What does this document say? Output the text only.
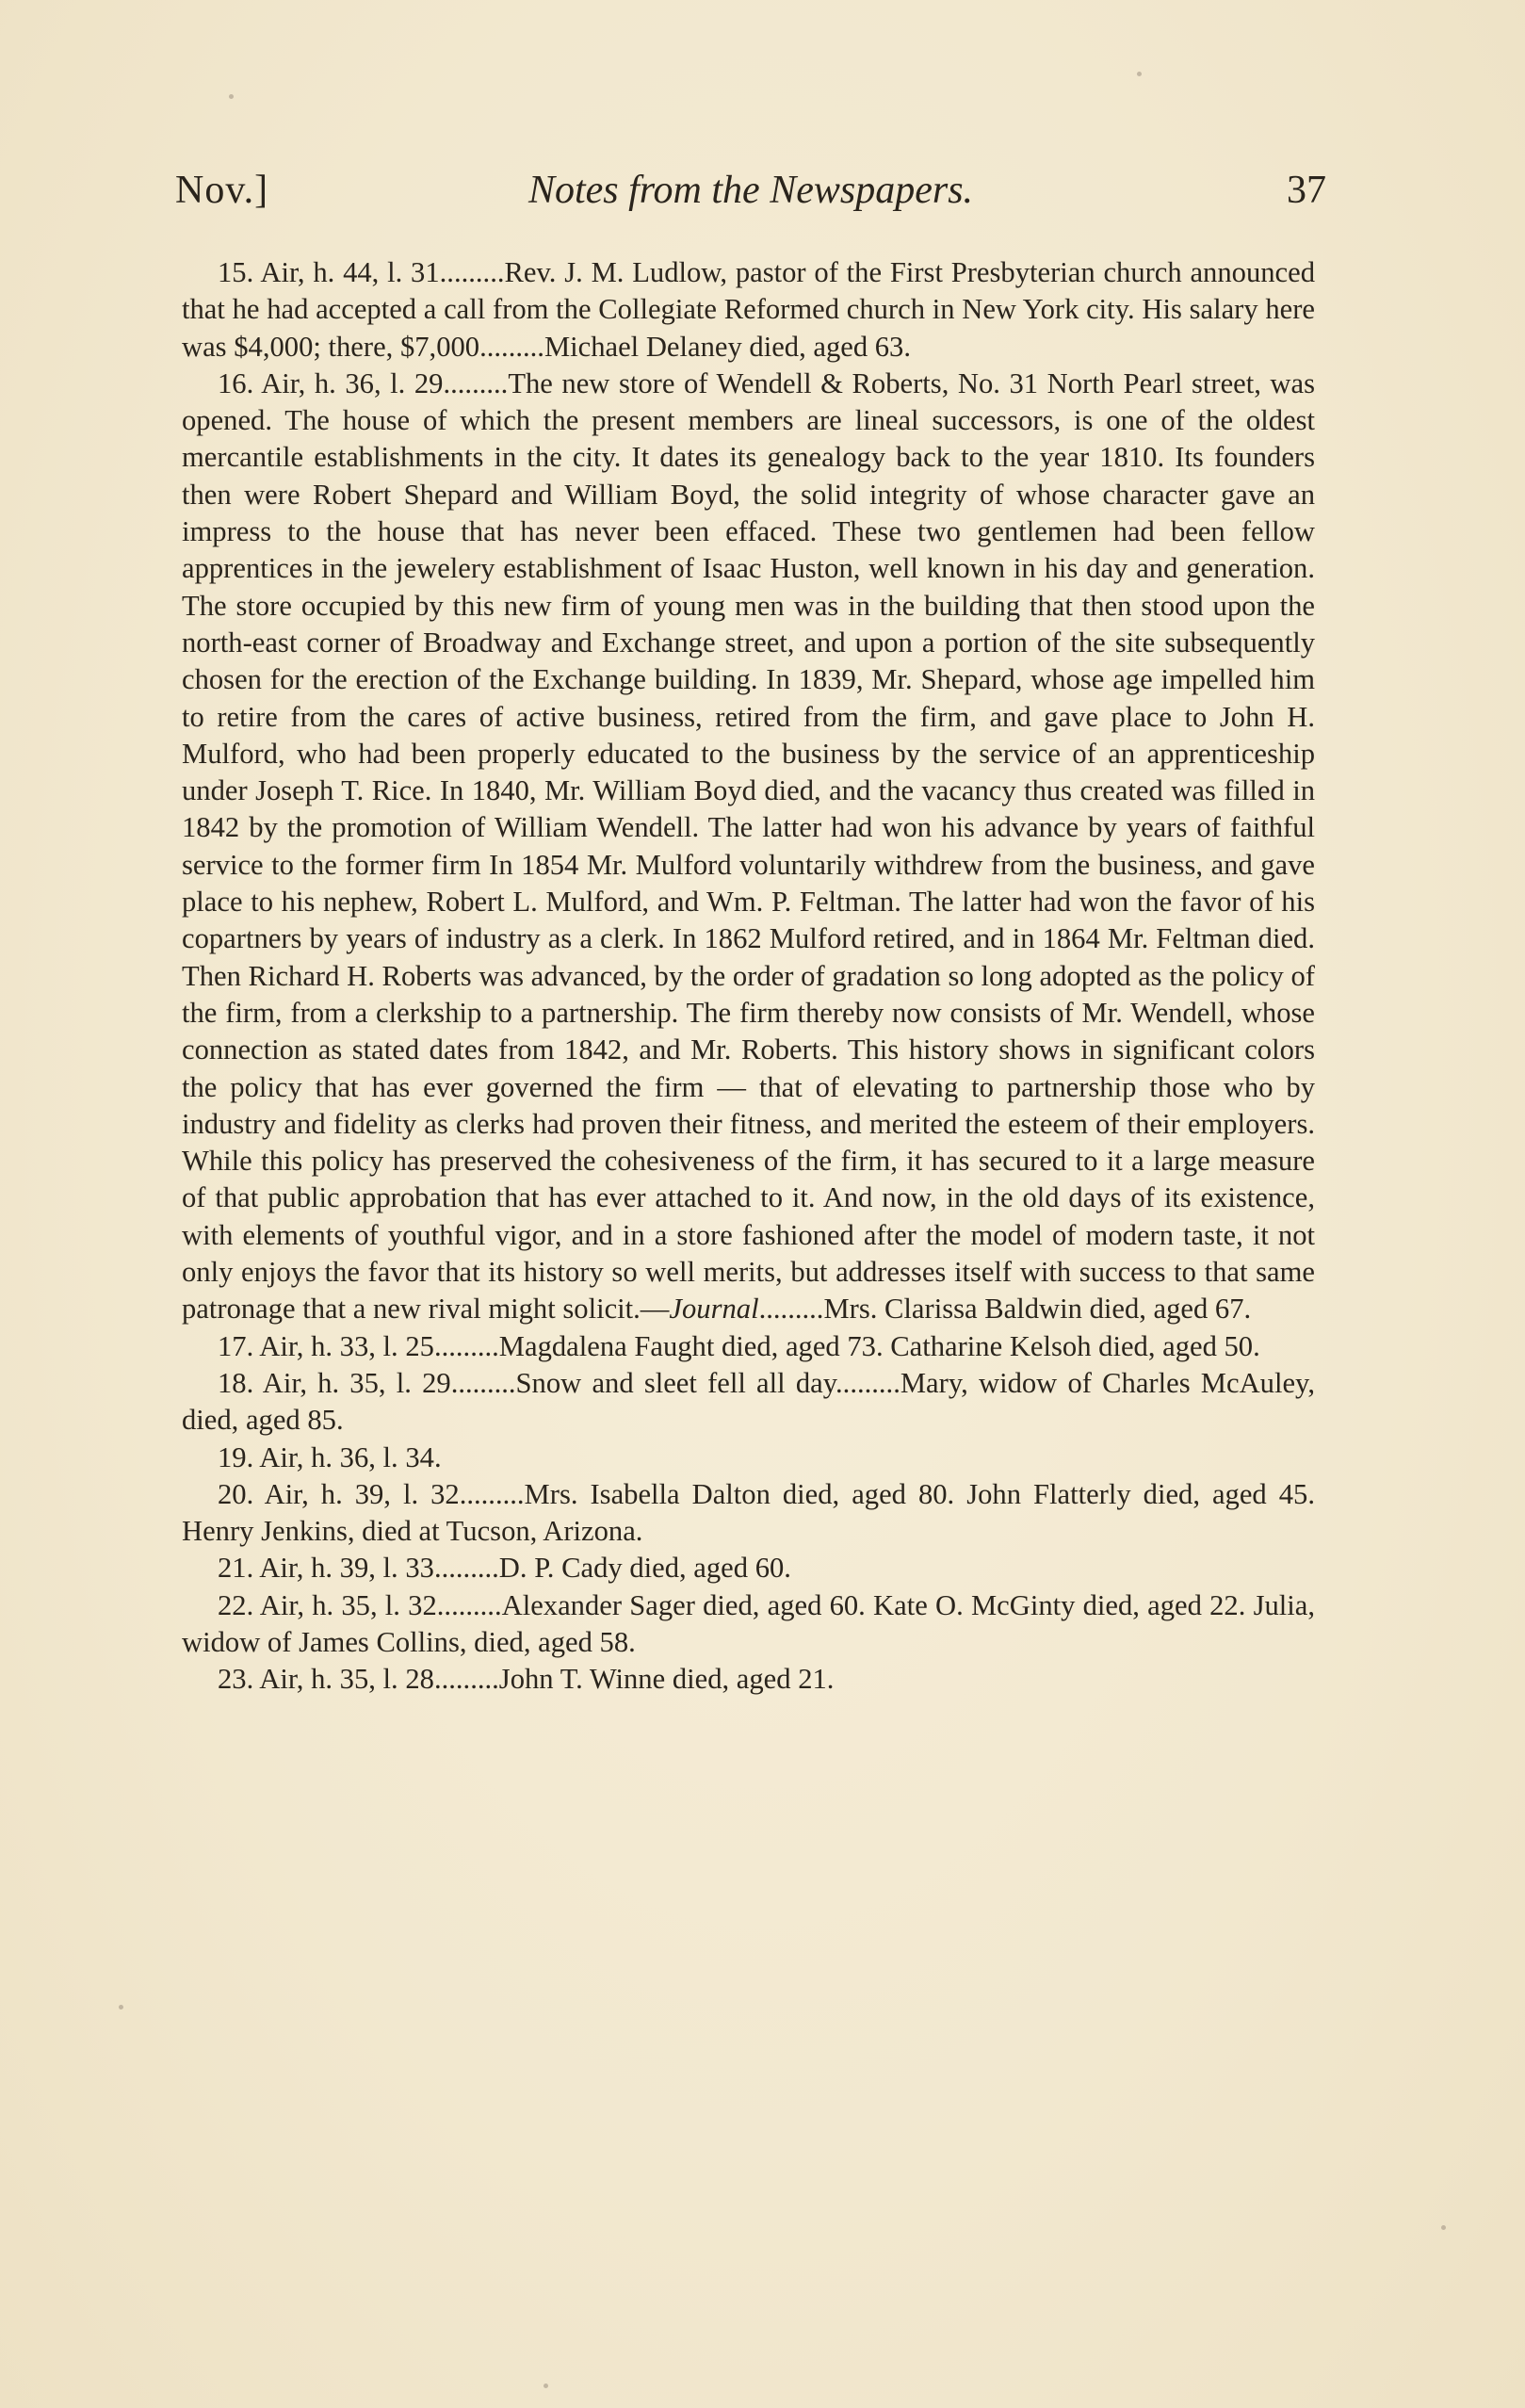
Nov.]	Notes from the Newspapers.	37

15. Air, h. 44, l. 31.........Rev. J. M. Ludlow, pastor of the First Presbyterian church announced that he had accepted a call from the Collegiate Reformed church in New York city. His salary here was $4,000; there, $7,000.........Michael Delaney died, aged 63.

16. Air, h. 36, l. 29.........The new store of Wendell & Roberts, No. 31 North Pearl street, was opened. The house of which the present members are lineal successors, is one of the oldest mercantile establishments in the city. It dates its genealogy back to the year 1810. Its founders then were Robert Shepard and William Boyd, the solid integrity of whose character gave an impress to the house that has never been effaced. These two gentlemen had been fellow apprentices in the jewelery establishment of Isaac Huston, well known in his day and generation. The store occupied by this new firm of young men was in the building that then stood upon the north-east corner of Broadway and Exchange street, and upon a portion of the site subsequently chosen for the erection of the Exchange building. In 1839, Mr. Shepard, whose age impelled him to retire from the cares of active business, retired from the firm, and gave place to John H. Mulford, who had been properly educated to the business by the service of an apprenticeship under Joseph T. Rice. In 1840, Mr. William Boyd died, and the vacancy thus created was filled in 1842 by the promotion of William Wendell. The latter had won his advance by years of faithful service to the former firm In 1854 Mr. Mulford voluntarily withdrew from the business, and gave place to his nephew, Robert L. Mulford, and Wm. P. Feltman. The latter had won the favor of his copartners by years of industry as a clerk. In 1862 Mulford retired, and in 1864 Mr. Feltman died. Then Richard H. Roberts was advanced, by the order of gradation so long adopted as the policy of the firm, from a clerkship to a partnership. The firm thereby now consists of Mr. Wendell, whose connection as stated dates from 1842, and Mr. Roberts. This history shows in significant colors the policy that has ever governed the firm — that of elevating to partnership those who by industry and fidelity as clerks had proven their fitness, and merited the esteem of their employers. While this policy has preserved the cohesiveness of the firm, it has secured to it a large measure of that public approbation that has ever attached to it. And now, in the old days of its existence, with elements of youthful vigor, and in a store fashioned after the model of modern taste, it not only enjoys the favor that its history so well merits, but addresses itself with success to that same patronage that a new rival might solicit.—Journal.........Mrs. Clarissa Baldwin died, aged 67.

17. Air, h. 33, l. 25.........Magdalena Faught died, aged 73. Catharine Kelsoh died, aged 50.

18. Air, h. 35, l. 29.........Snow and sleet fell all day.........Mary, widow of Charles McAuley, died, aged 85.

19. Air, h. 36, l. 34.

20. Air, h. 39, l. 32.........Mrs. Isabella Dalton died, aged 80. John Flatterly died, aged 45. Henry Jenkins, died at Tucson, Arizona.

21. Air, h. 39, l. 33.........D. P. Cady died, aged 60.

22. Air, h. 35, l. 32.........Alexander Sager died, aged 60. Kate O. McGinty died, aged 22. Julia, widow of James Collins, died, aged 58.

23. Air, h. 35, l. 28.........John T. Winne died, aged 21.
